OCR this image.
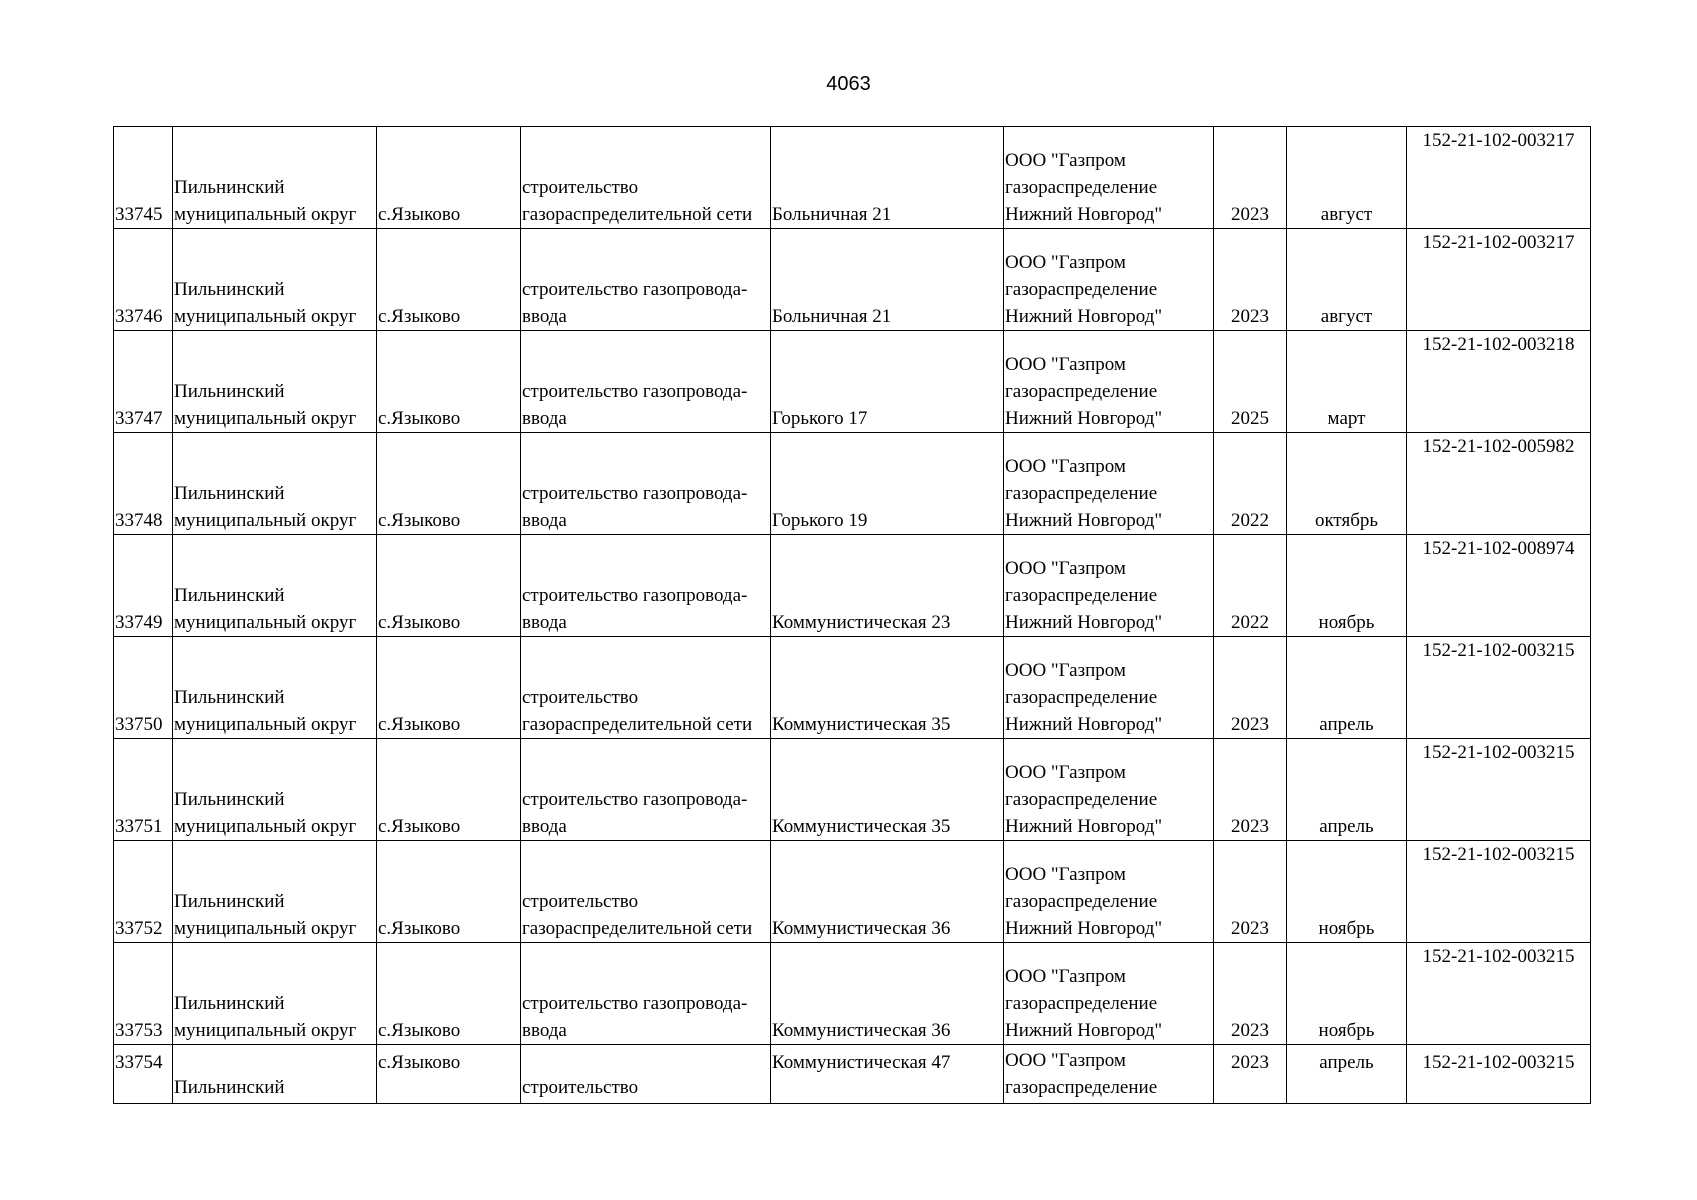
4063
33745	Пильнинский
муниципальный округ	с.Языково	строительство
газораспределительной сети	Больничная 21	ООО "Газпром
газораспределение
Нижний Новгород"	2023	август	152-21-102-003217
33746	Пильнинский
муниципальный округ	с.Языково	строительство газопровода-
ввода	Больничная 21	ООО "Газпром
газораспределение
Нижний Новгород"	2023	август	152-21-102-003217
33747	Пильнинский
муниципальный округ	с.Языково	строительство газопровода-
ввода	Горького 17	ООО "Газпром
газораспределение
Нижний Новгород"	2025	март	152-21-102-003218
33748	Пильнинский
муниципальный округ	с.Языково	строительство газопровода-
ввода	Горького 19	ООО "Газпром
газораспределение
Нижний Новгород"	2022	октябрь	152-21-102-005982
33749	Пильнинский
муниципальный округ	с.Языково	строительство газопровода-
ввода	Коммунистическая 23	ООО "Газпром
газораспределение
Нижний Новгород"	2022	ноябрь	152-21-102-008974
33750	Пильнинский
муниципальный округ	с.Языково	строительство
газораспределительной сети	Коммунистическая 35	ООО "Газпром
газораспределение
Нижний Новгород"	2023	апрель	152-21-102-003215
33751	Пильнинский
муниципальный округ	с.Языково	строительство газопровода-
ввода	Коммунистическая 35	ООО "Газпром
газораспределение
Нижний Новгород"	2023	апрель	152-21-102-003215
33752	Пильнинский
муниципальный округ	с.Языково	строительство
газораспределительной сети	Коммунистическая 36	ООО "Газпром
газораспределение
Нижний Новгород"	2023	ноябрь	152-21-102-003215
33753	Пильнинский
муниципальный округ	с.Языково	строительство газопровода-
ввода	Коммунистическая 36	ООО "Газпром
газораспределение
Нижний Новгород"	2023	ноябрь	152-21-102-003215
33754	Пильнинский	с.Языково	строительство	Коммунистическая 47	ООО "Газпром
газораспределение	2023	апрель	152-21-102-003215
